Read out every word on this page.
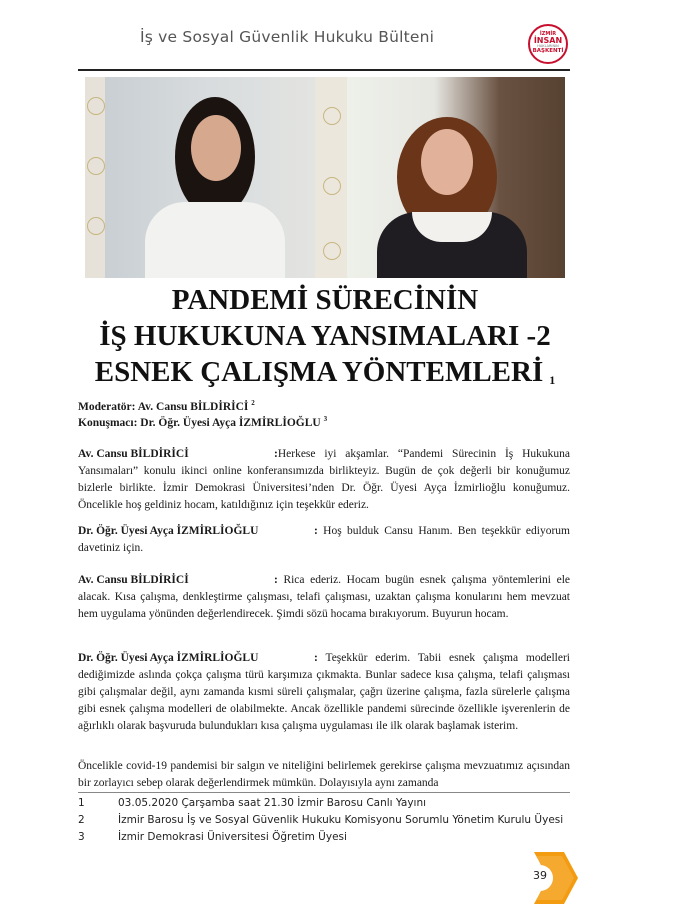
İş ve Sosyal Güvenlik Hukuku Bülteni	İZMİR
İNSAN
HAKLARININ
BAŞKENTİ
PANDEMİ SÜRECİNİN
İŞ HUKUKUNA YANSIMALARI -2
ESNEK ÇALIŞMA YÖNTEMLERİ $^1$
Moderatör: Av. Cansu BİLDİRİCİ $^2$
Konuşmacı: Dr. Öğr. Üyesi Ayça İZMİRLİOĞLU $^3$
Av. Cansu BİLDİRİCİ	:Herkese iyi akşamlar. “Pandemi Sürecinin İş Hukukuna Yansımaları” konulu ikinci online konferansımızda birlikteyiz. Bugün de çok değerli bir konuğumuz bizlerle birlikte. İzmir Demokrasi Üniversitesi’nden Dr. Öğr. Üyesi Ayça İzmirlioğlu konuğumuz. Öncelikle hoş geldiniz hocam, katıldığınız için teşekkür ederiz.
Dr. Öğr. Üyesi Ayça İZMİRLİOĞLU	: Hoş bulduk Cansu Hanım. Ben teşekkür ediyorum davetiniz için.
Av. Cansu BİLDİRİCİ	: Rica ederiz. Hocam bugün esnek çalışma yöntemlerini ele alacak. Kısa çalışma, denkleştirme çalışması, telafi çalışması, uzaktan çalışma konularını hem mevzuat hem uygulama yönünden değerlendirecek. Şimdi sözü hocama bırakıyorum. Buyurun hocam.
Dr. Öğr. Üyesi Ayça İZMİRLİOĞLU	: Teşekkür ederim. Tabii esnek çalışma modelleri dediğimizde aslında çokça çalışma türü karşımıza çıkmakta. Bunlar sadece kısa çalışma, telafi çalışması gibi çalışmalar değil, aynı zamanda kısmi süreli çalışmalar, çağrı üzerine çalışma, fazla sürelerle çalışma gibi esnek çalışma modelleri de olabilmekte. Ancak özellikle pandemi sürecinde özellikle işverenlerin de ağırlıklı olarak başvuruda bulundukları kısa çalışma uygulaması ile ilk olarak başlamak isterim.
Öncelikle covid-19 pandemisi bir salgın ve niteliğini belirlemek gerekirse çalışma mevzuatımız açısından bir zorlayıcı sebep olarak değerlendirmek mümkün. Dolayısıyla aynı zamanda
1	03.05.2020 Çarşamba saat 21.30 İzmir Barosu Canlı Yayını
2	İzmir Barosu İş ve Sosyal Güvenlik Hukuku Komisyonu Sorumlu Yönetim Kurulu Üyesi
3	İzmir Demokrasi Üniversitesi Öğretim Üyesi
39
